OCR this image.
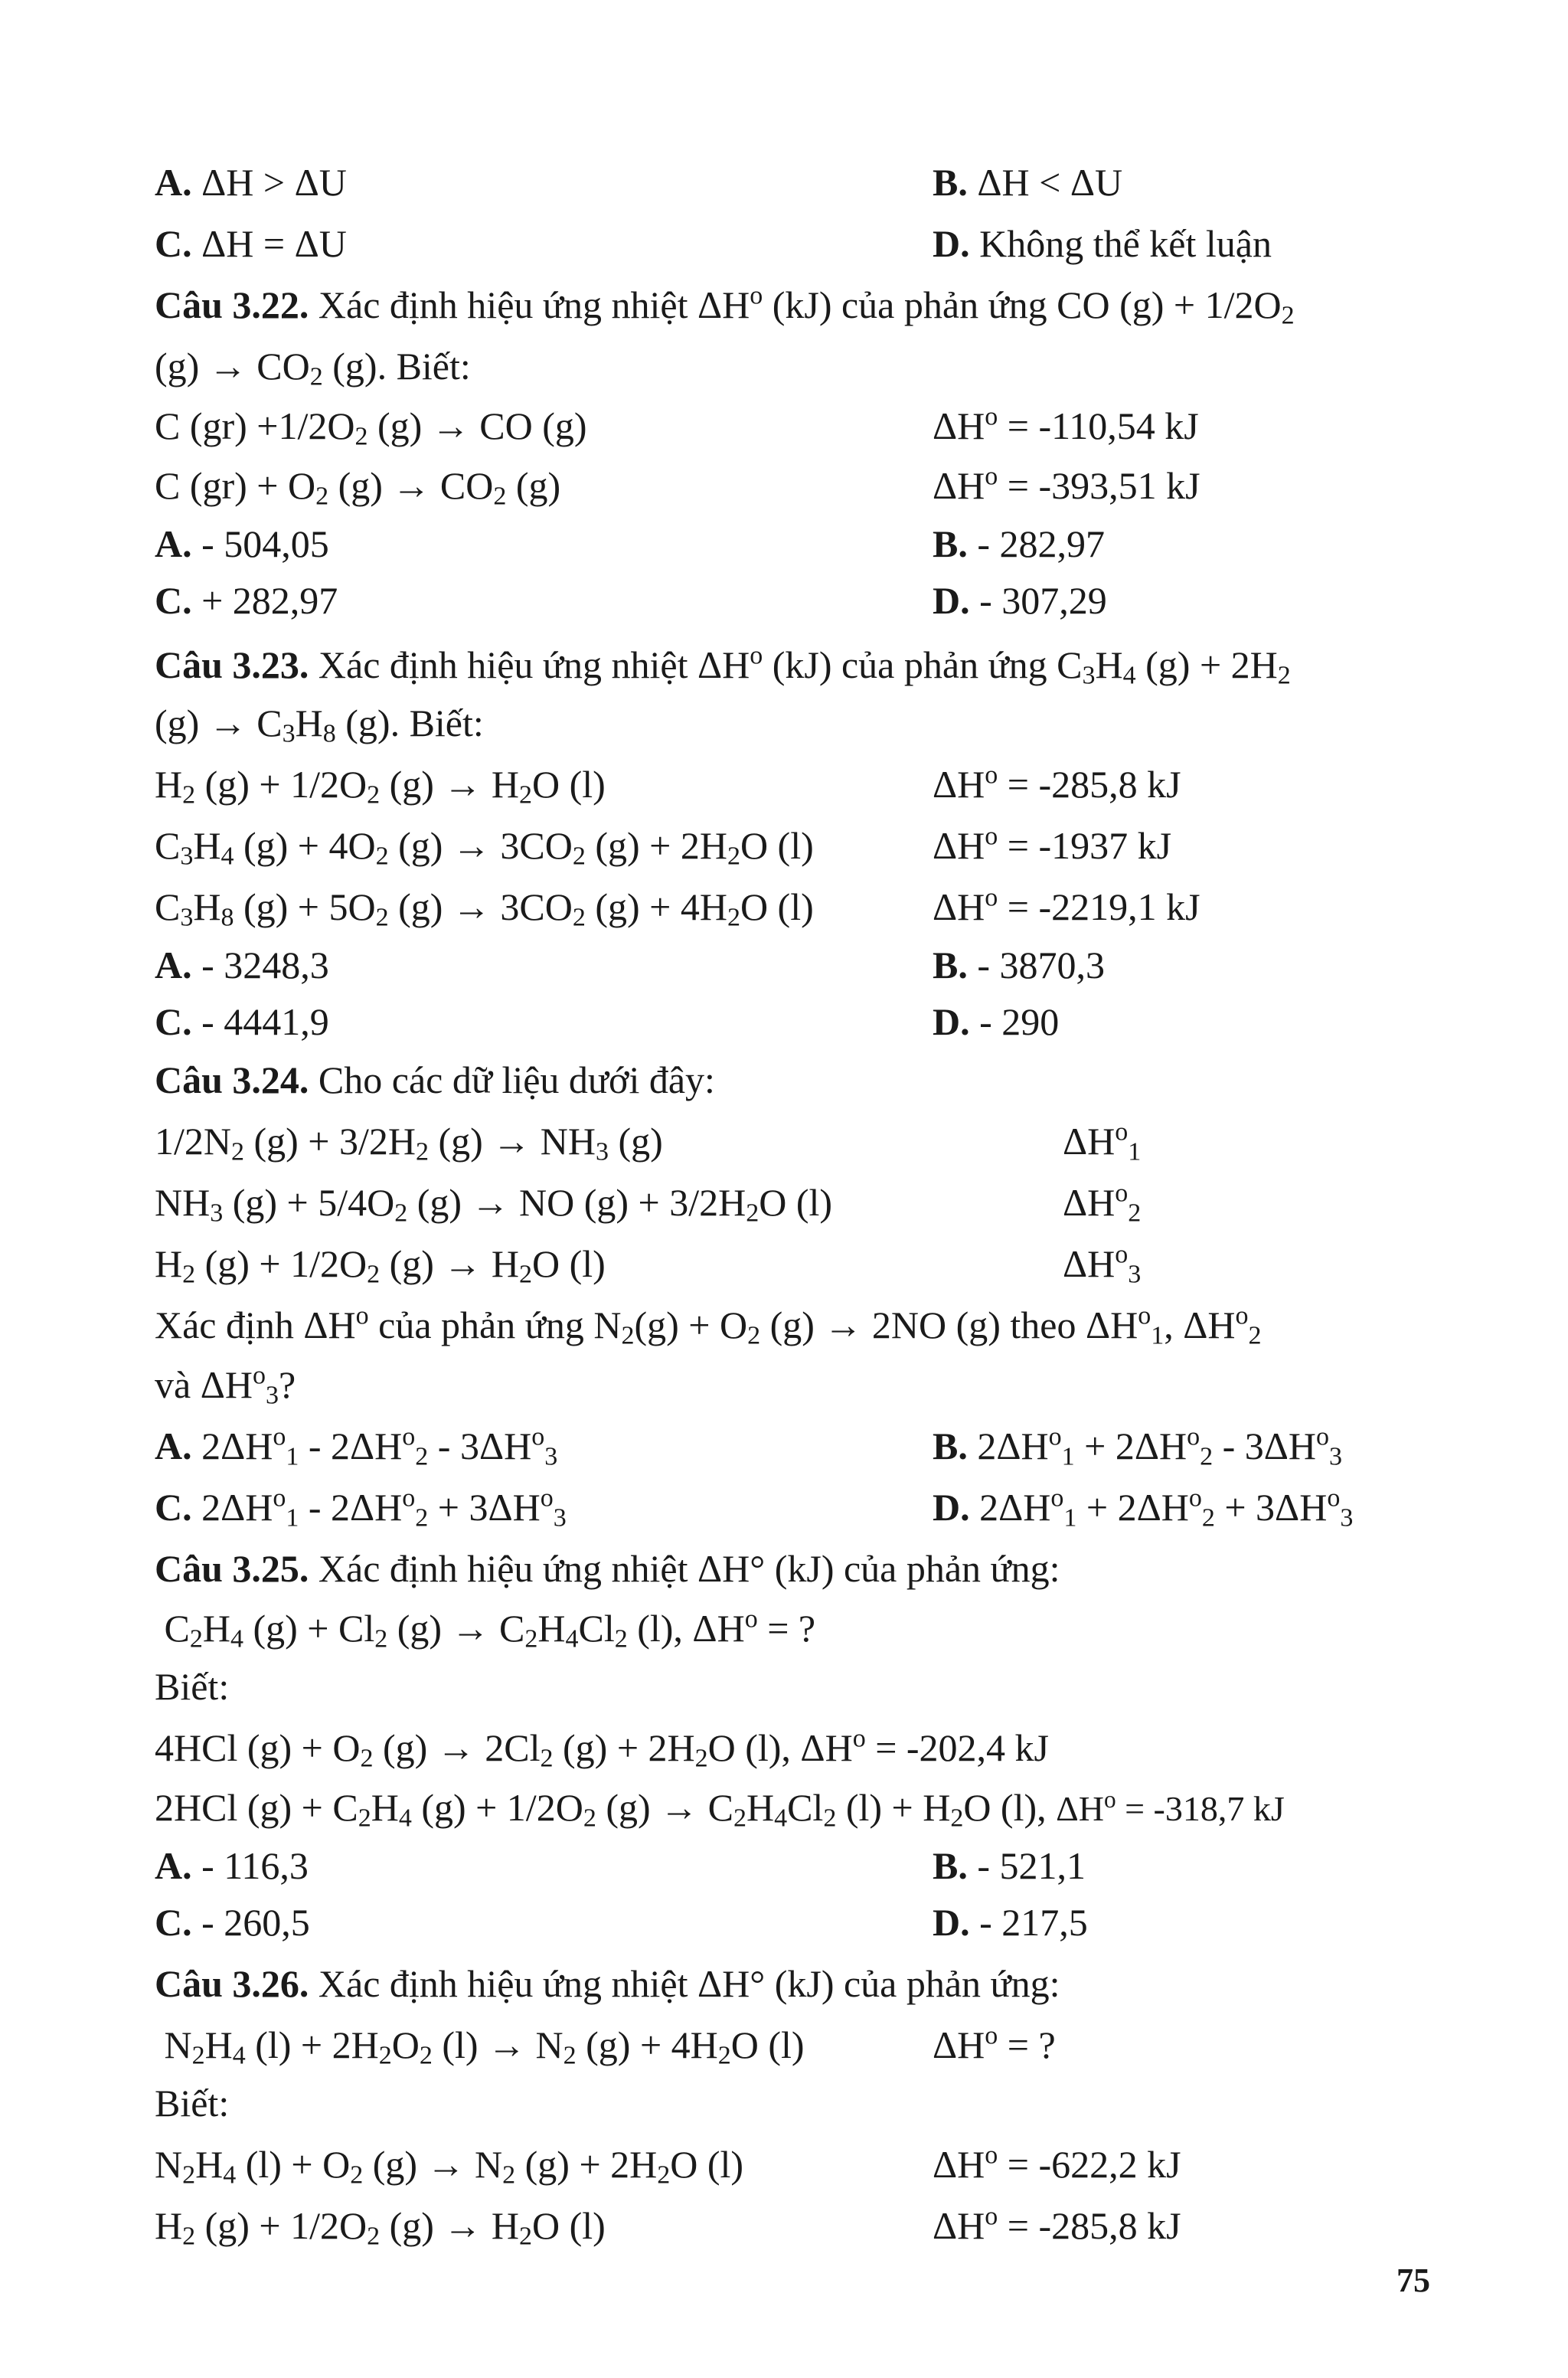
A. ΔH > ΔU	B. ΔH < ΔU
C. ΔH = ΔU	D. Không thể kết luận
Câu 3.22. Xác định hiệu ứng nhiệt $\Delta H^o$ (kJ) của phản ứng CO $(g) + 1/2O_2$
$(g) \to CO_2$ (g). Biết:
C $(gr) +1/2O_2$ (g) → CO (g)	$\Delta H^o = -110,54$ kJ
C $(gr) + O_2$ $(g) \to CO_2$ (g)	$\Delta H^o = -393,51$ kJ
A. - 504,05	B. - 282,97
C. + 282,97	D. - 307,29
Câu 3.23. Xác định hiệu ứng nhiệt $\Delta H^o$ (kJ) của phản ứng $C_3H_4$ $(g) + 2H_2$
$(g) \to C_3H_8$ (g). Biết:
$H_2$ $(g) + 1/2O_2$ $(g) \to H_2O$ (l)	$\Delta H^o = -285,8$ kJ
$C_3H_4$ $(g) + 4O_2$ $(g) \to 3CO_2$ $(g) + 2H_2O$ (l)	$\Delta H^o = -1937$ kJ
$C_3H_8$ $(g) + 5O_2$ $(g) \to 3CO_2$ $(g) + 4H_2O$ (l)	$\Delta H^o = -2219,1$ kJ
A. - 3248,3	B. - 3870,3
C. - 4441,9	D. - 290
Câu 3.24. Cho các dữ liệu dưới đây:
$1/2N_2$ $(g) + 3/2H_2$ $(g) \to NH_3$ (g)	$\Delta H^o_1$
$NH_3$ $(g) + 5/4O_2$ (g) → NO $(g) + 3/2H_2O$ (l)	$\Delta H^o_2$
$H_2$ $(g) + 1/2O_2$ $(g) \to H_2O$ (l)	$\Delta H^o_3$
Xác định $\Delta H^o$ của phản ứng $N_2(g) + O_2$ (g) → 2NO (g) theo $\Delta H^o_1$, $\Delta H^o_2$
và $\Delta H^o_3$?
A. $2\Delta H^o_1 - 2\Delta H^o_2 - 3\Delta H^o_3$	B. $2\Delta H^o_1 + 2\Delta H^o_2 - 3\Delta H^o_3$
C. $2\Delta H^o_1 - 2\Delta H^o_2 + 3\Delta H^o_3$	D. $2\Delta H^o_1 + 2\Delta H^o_2 + 3\Delta H^o_3$
Câu 3.25. Xác định hiệu ứng nhiệt ΔH° (kJ) của phản ứng:
$C_2H_4$ $(g) + Cl_2$ $(g) \to C_2H_4Cl_2$ (l), $\Delta H^o$ = ?
Biết:
4HCl $(g) + O_2$ $(g) \to 2Cl_2$ $(g) + 2H_2O$ (l), $\Delta H^o = -202,4$ kJ
2HCl $(g) + C_2H_4$ $(g) + 1/2O_2$ $(g) \to C_2H_4Cl_2$ $(l) + H_2O$ (l), $\Delta H^o = -318,7$ kJ
A. - 116,3	B. - 521,1
C. - 260,5	D. - 217,5
Câu 3.26. Xác định hiệu ứng nhiệt ΔH° (kJ) của phản ứng:
$N_2H_4$ $(l) + 2H_2O_2$ $(l) \to N_2$ $(g) + 4H_2O$ (l)	$\Delta H^o$ = ?
Biết:
$N_2H_4$ $(l) + O_2$ $(g) \to N_2$ $(g) + 2H_2O$ (l)	$\Delta H^o = -622,2$ kJ
$H_2$ $(g) + 1/2O_2$ $(g) \to H_2O$ (l)	$\Delta H^o = -285,8$ kJ
75
